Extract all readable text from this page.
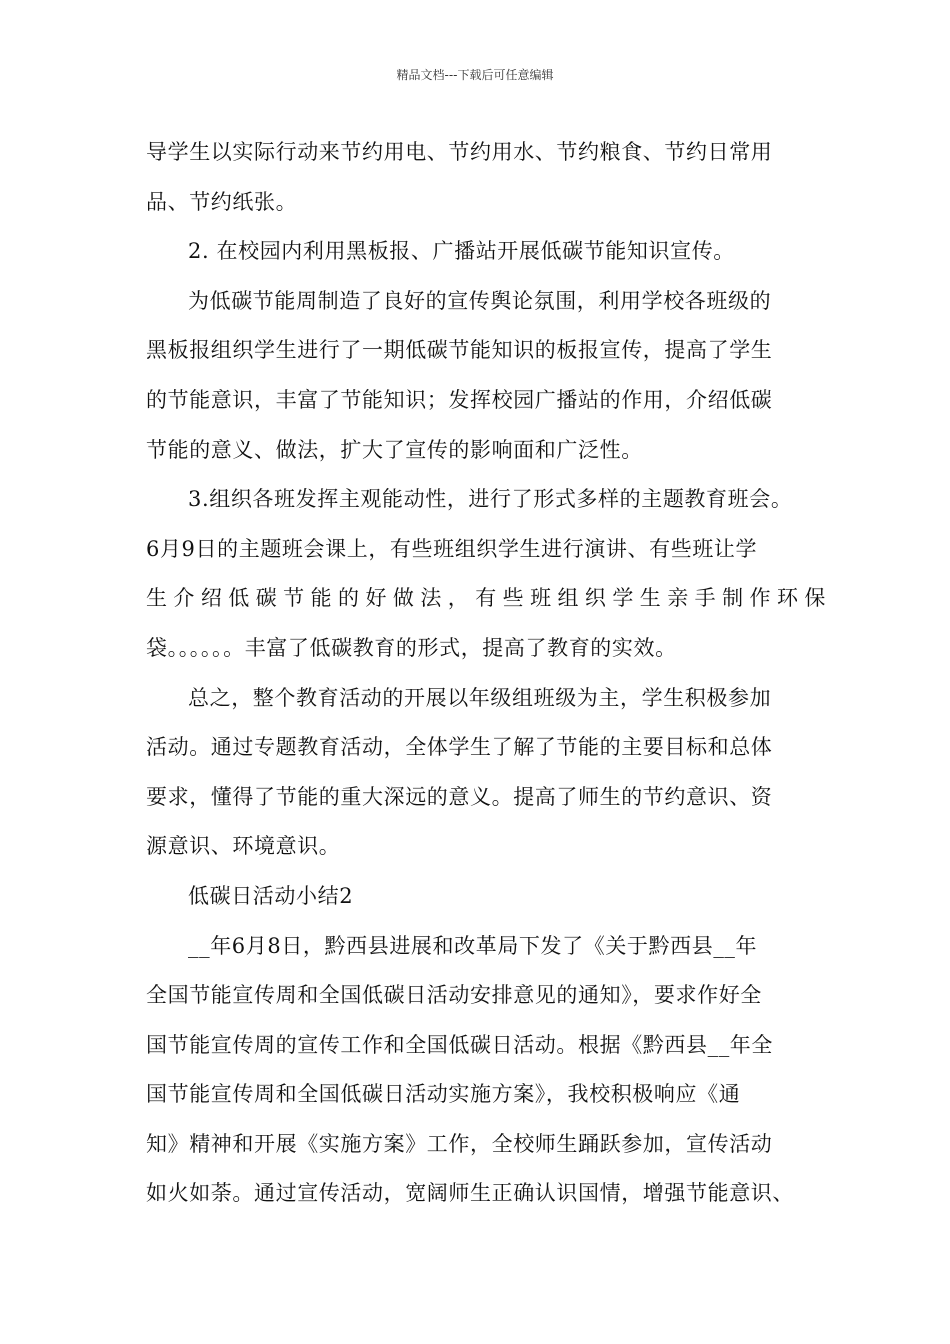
精品文档---下载后可任意编辑
导学生以实际行动来节约用电、节约用水、节约粮食、节约日常用
品、节约纸张。
2. 在校园内利用黑板报、广播站开展低碳节能知识宣传。
为低碳节能周制造了良好的宣传舆论氛围，利用学校各班级的
黑板报组织学生进行了一期低碳节能知识的板报宣传，提高了学生
的节能意识，丰富了节能知识；发挥校园广播站的作用，介绍低碳
节能的意义、做法，扩大了宣传的影响面和广泛性。
3.组织各班发挥主观能动性，进行了形式多样的主题教育班会。
6月9日的主题班会课上，有些班组织学生进行演讲、有些班让学
生介绍低碳节能的好做法，有些班组织学生亲手制作环保
袋。。。。。。丰富了低碳教育的形式，提高了教育的实效。
总之，整个教育活动的开展以年级组班级为主，学生积极参加
活动。通过专题教育活动，全体学生了解了节能的主要目标和总体
要求，懂得了节能的重大深远的意义。提高了师生的节约意识、资
源意识、环境意识。
低碳日活动小结2
__年6月8日，黔西县进展和改革局下发了《关于黔西县__年
全国节能宣传周和全国低碳日活动安排意见的通知》，要求作好全
国节能宣传周的宣传工作和全国低碳日活动。根据《黔西县__年全
国节能宣传周和全国低碳日活动实施方案》，我校积极响应《通
知》精神和开展《实施方案》工作，全校师生踊跃参加，宣传活动
如火如荼。通过宣传活动，宽阔师生正确认识国情，增强节能意识、
